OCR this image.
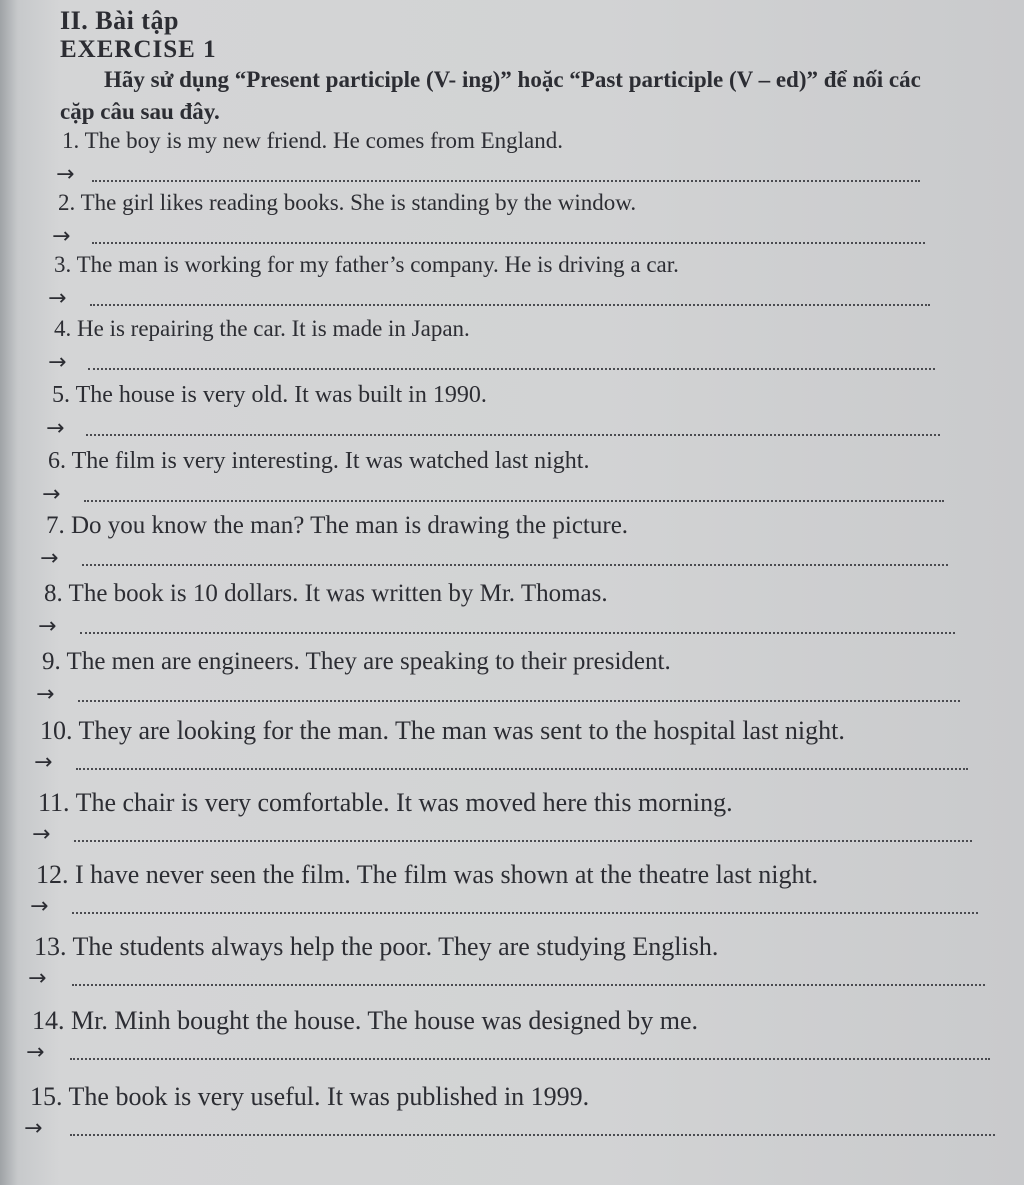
II. Bài tập
EXERCISE 1
Hãy sử dụng “Present participle (V- ing)” hoặc “Past participle (V – ed)” để nối các cặp câu sau đây.
1. The boy is my new friend. He comes from England.
→
2. The girl likes reading books. She is standing by the window.
→
3. The man is working for my father’s company. He is driving a car.
→
4. He is repairing the car. It is made in Japan.
→
5. The house is very old. It was built in 1990.
→
6. The film is very interesting. It was watched last night.
→
7. Do you know the man? The man is drawing the picture.
→
8. The book is 10 dollars. It was written by Mr. Thomas.
→
9. The men are engineers. They are speaking to their president.
→
10. They are looking for the man. The man was sent to the hospital last night.
→
11. The chair is very comfortable. It was moved here this morning.
→
12. I have never seen the film. The film was shown at the theatre last night.
→
13. The students always help the poor. They are studying English.
→
14. Mr. Minh bought the house. The house was designed by me.
→
15. The book is very useful. It was published in 1999.
→
